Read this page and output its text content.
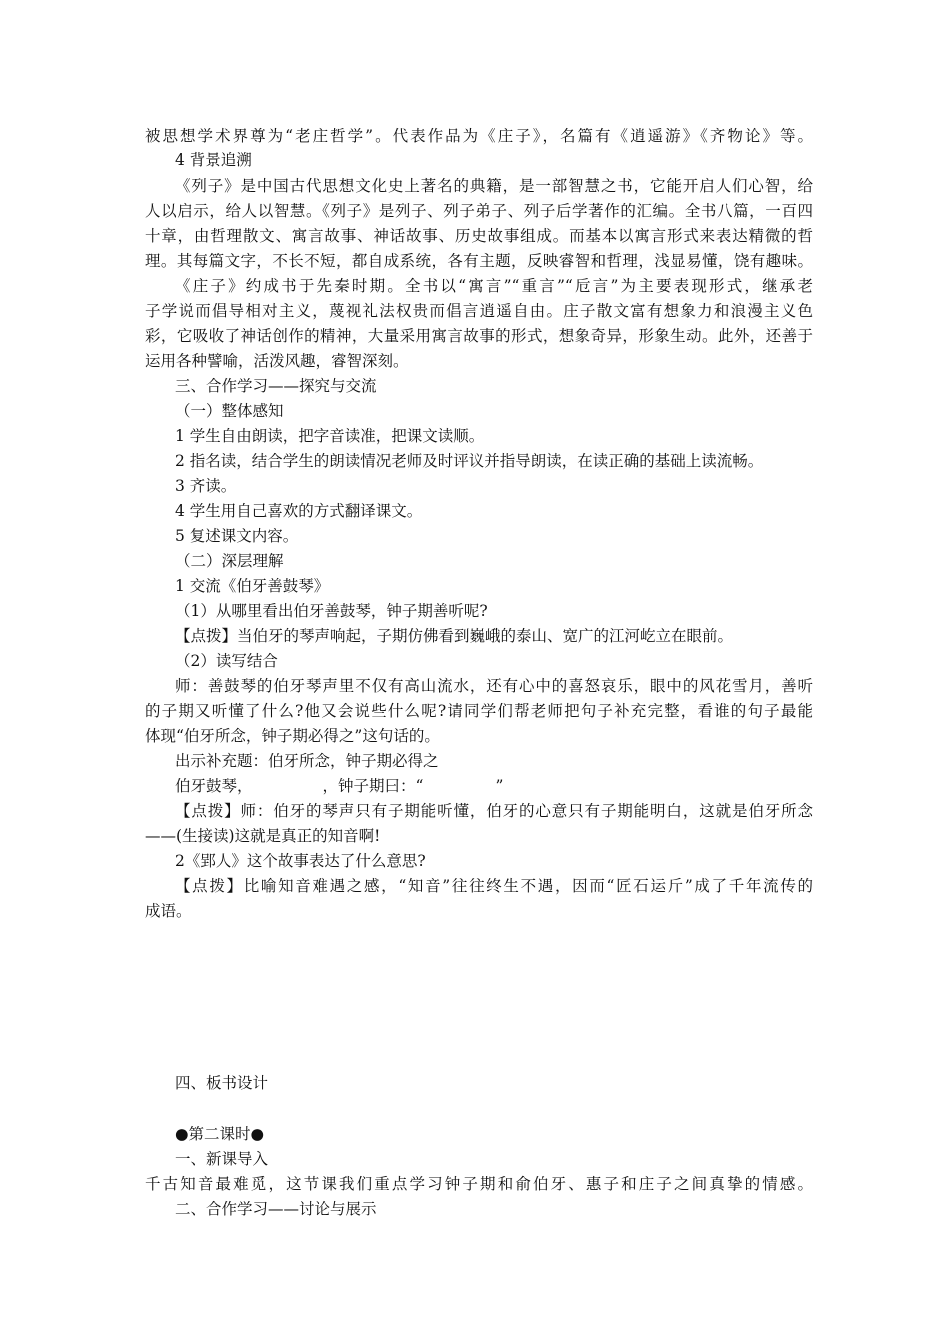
被思想学术界尊为“老庄哲学”。代表作品为《庄子》，名篇有《逍遥游》《齐物论》等。
4 背景追溯
《列子》是中国古代思想文化史上著名的典籍，是一部智慧之书，它能开启人们心智，给
人以启示，给人以智慧。《列子》是列子、列子弟子、列子后学著作的汇编。全书八篇，一百四
十章，由哲理散文、寓言故事、神话故事、历史故事组成。而基本以寓言形式来表达精微的哲
理。其每篇文字，不长不短，都自成系统，各有主题，反映睿智和哲理，浅显易懂，饶有趣味。
《庄子》约成书于先秦时期。全书以“寓言”“重言”“卮言”为主要表现形式，继承老
子学说而倡导相对主义，蔑视礼法权贵而倡言逍遥自由。庄子散文富有想象力和浪漫主义色
彩，它吸收了神话创作的精神，大量采用寓言故事的形式，想象奇异，形象生动。此外，还善于
运用各种譬喻，活泼风趣，睿智深刻。
三、合作学习——探究与交流
（一）整体感知
1 学生自由朗读，把字音读准，把课文读顺。
2 指名读，结合学生的朗读情况老师及时评议并指导朗读，在读正确的基础上读流畅。
3 齐读。
4 学生用自己喜欢的方式翻译课文。
5 复述课文内容。
（二）深层理解
1 交流《伯牙善鼓琴》
（1）从哪里看出伯牙善鼓琴，钟子期善听呢?
【点拨】当伯牙的琴声响起，子期仿佛看到巍峨的泰山、宽广的江河屹立在眼前。
（2）读写结合
师：善鼓琴的伯牙琴声里不仅有高山流水，还有心中的喜怒哀乐，眼中的风花雪月，善听
的子期又听懂了什么?他又会说些什么呢?请同学们帮老师把句子补充完整，看谁的句子最能
体现“伯牙所念，钟子期必得之”这句话的。
出示补充题：伯牙所念，钟子期必得之
伯牙鼓琴，	，钟子期曰：“	”
【点拨】师：伯牙的琴声只有子期能听懂，伯牙的心意只有子期能明白，这就是伯牙所念
——(生接读)这就是真正的知音啊!
2《郢人》这个故事表达了什么意思?
【点拨】比喻知音难遇之感，“知音”往往终生不遇，因而“匠石运斤”成了千年流传的
成语。
四、板书设计
●第二课时●
一、新课导入
千古知音最难觅，这节课我们重点学习钟子期和俞伯牙、惠子和庄子之间真挚的情感。
二、合作学习——讨论与展示
